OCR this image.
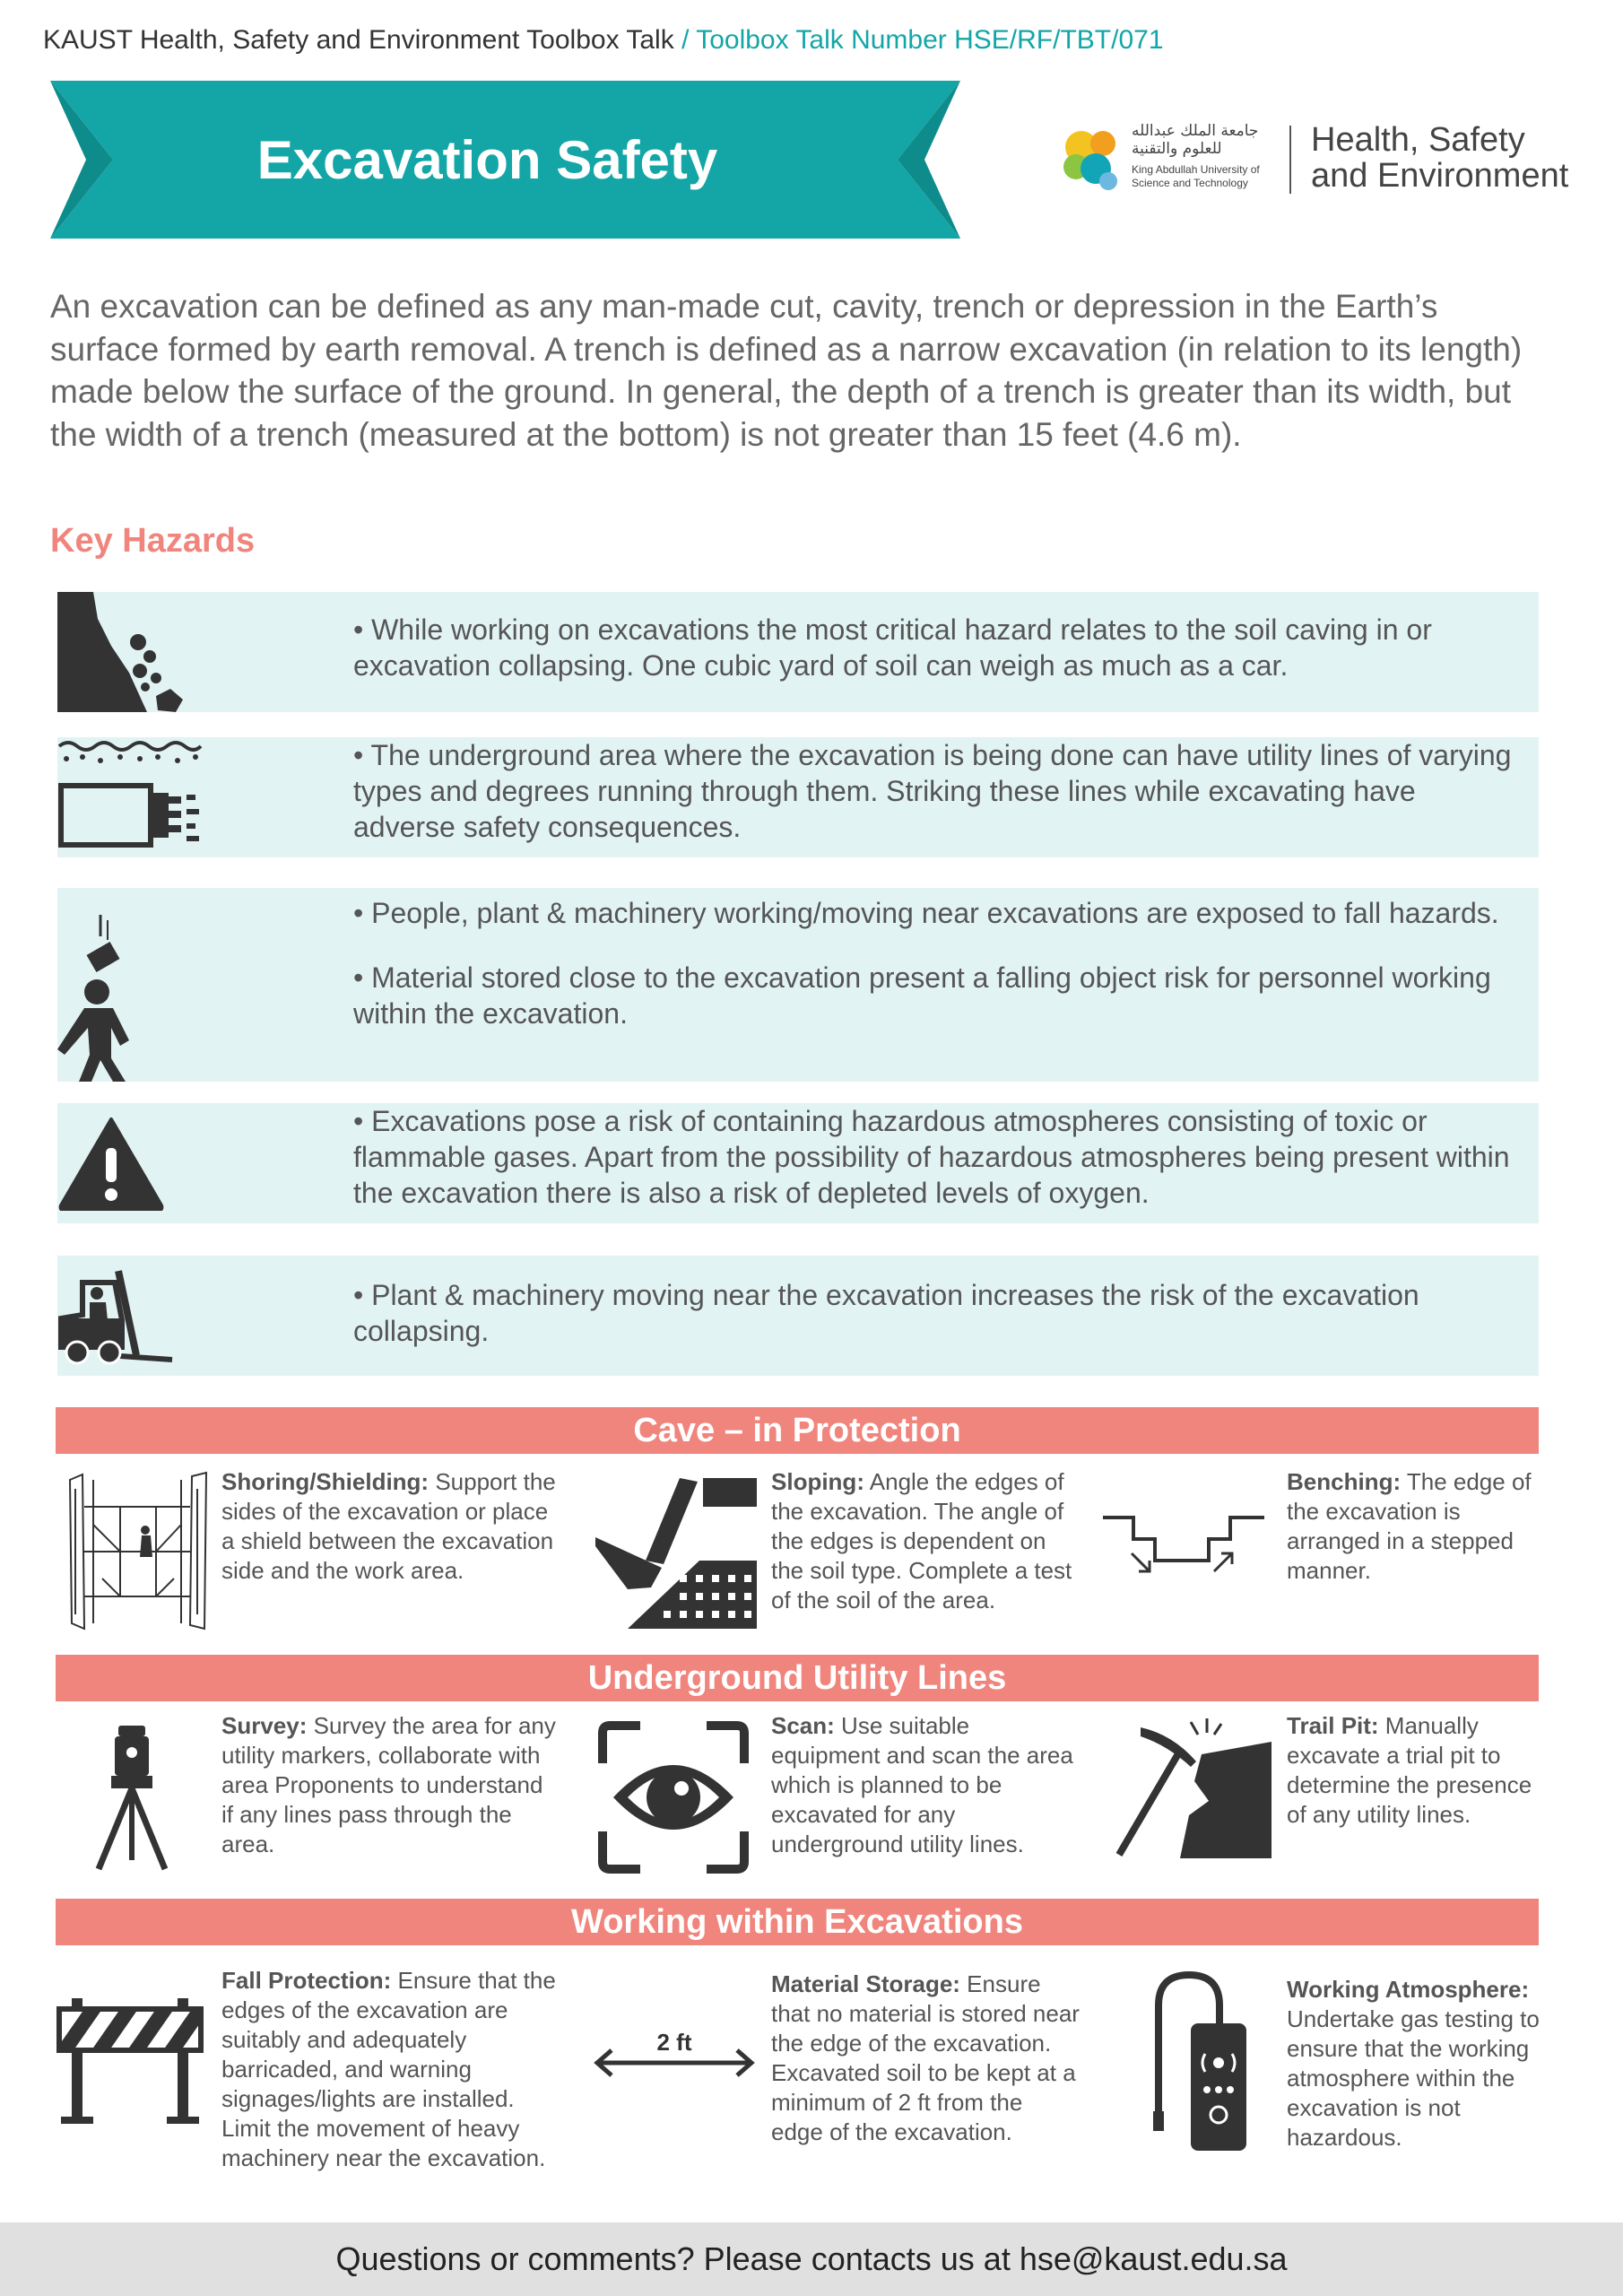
KAUST Health, Safety and Environment Toolbox Talk / Toolbox Talk Number HSE/RF/TBT/071
Excavation Safety	جامعة الملك عبدالله للعلوم والتقنية
King Abdullah University of Science and Technology
Health, Safety and Environment
An excavation can be defined as any man-made cut, cavity, trench or depression in the Earth’s surface formed by earth removal. A trench is defined as a narrow excavation (in relation to its length) made below the surface of the ground. In general, the depth of a trench is greater than its width, but the width of a trench (measured at the bottom) is not greater than 15 feet (4.6 m).
Key Hazards

• While working on excavations the most critical hazard relates to the soil caving in or excavation collapsing. One cubic yard of soil can weigh as much as a car.

• The underground area where the excavation is being done can have utility lines of varying types and degrees running through them. Striking these lines while excavating have adverse safety consequences.

• People, plant & machinery working/moving near excavations are exposed to fall hazards.

• Material stored close to the excavation present a falling object risk for personnel working within the excavation.

• Excavations pose a risk of containing hazardous atmospheres consisting of toxic or flammable gases. Apart from the possibility of hazardous atmospheres being present within the excavation there is also a risk of depleted levels of oxygen.

• Plant & machinery moving near the excavation increases the risk of the excavation collapsing.

Cave – in Protection
Shoring/Shielding: Support the sides of the excavation or place a shield between the excavation side and the work area.
Sloping: Angle the edges of the excavation. The angle of the edges is dependent on the soil type. Complete a test of the soil of the area.
Benching: The edge of the excavation is arranged in a stepped manner.
Underground Utility Lines
Survey: Survey the area for any utility markers, collaborate with area Proponents to understand if any lines pass through the area.
Scan: Use suitable equipment and scan the area which is planned to be excavated for any underground utility lines.
Trail Pit: Manually excavate a trial pit to determine the presence of any utility lines.
Working within Excavations
Fall Protection: Ensure that the edges of the excavation are suitably and adequately barricaded, and warning signages/lights are installed. Limit the movement of heavy machinery near the excavation.
2 ft
Material Storage: Ensure that no material is stored near the edge of the excavation. Excavated soil to be kept at a minimum of 2 ft from the edge of the excavation.
Working Atmosphere: Undertake gas testing to ensure that the working atmosphere within the excavation is not hazardous.
Questions or comments? Please contacts us at hse@kaust.edu.sa
